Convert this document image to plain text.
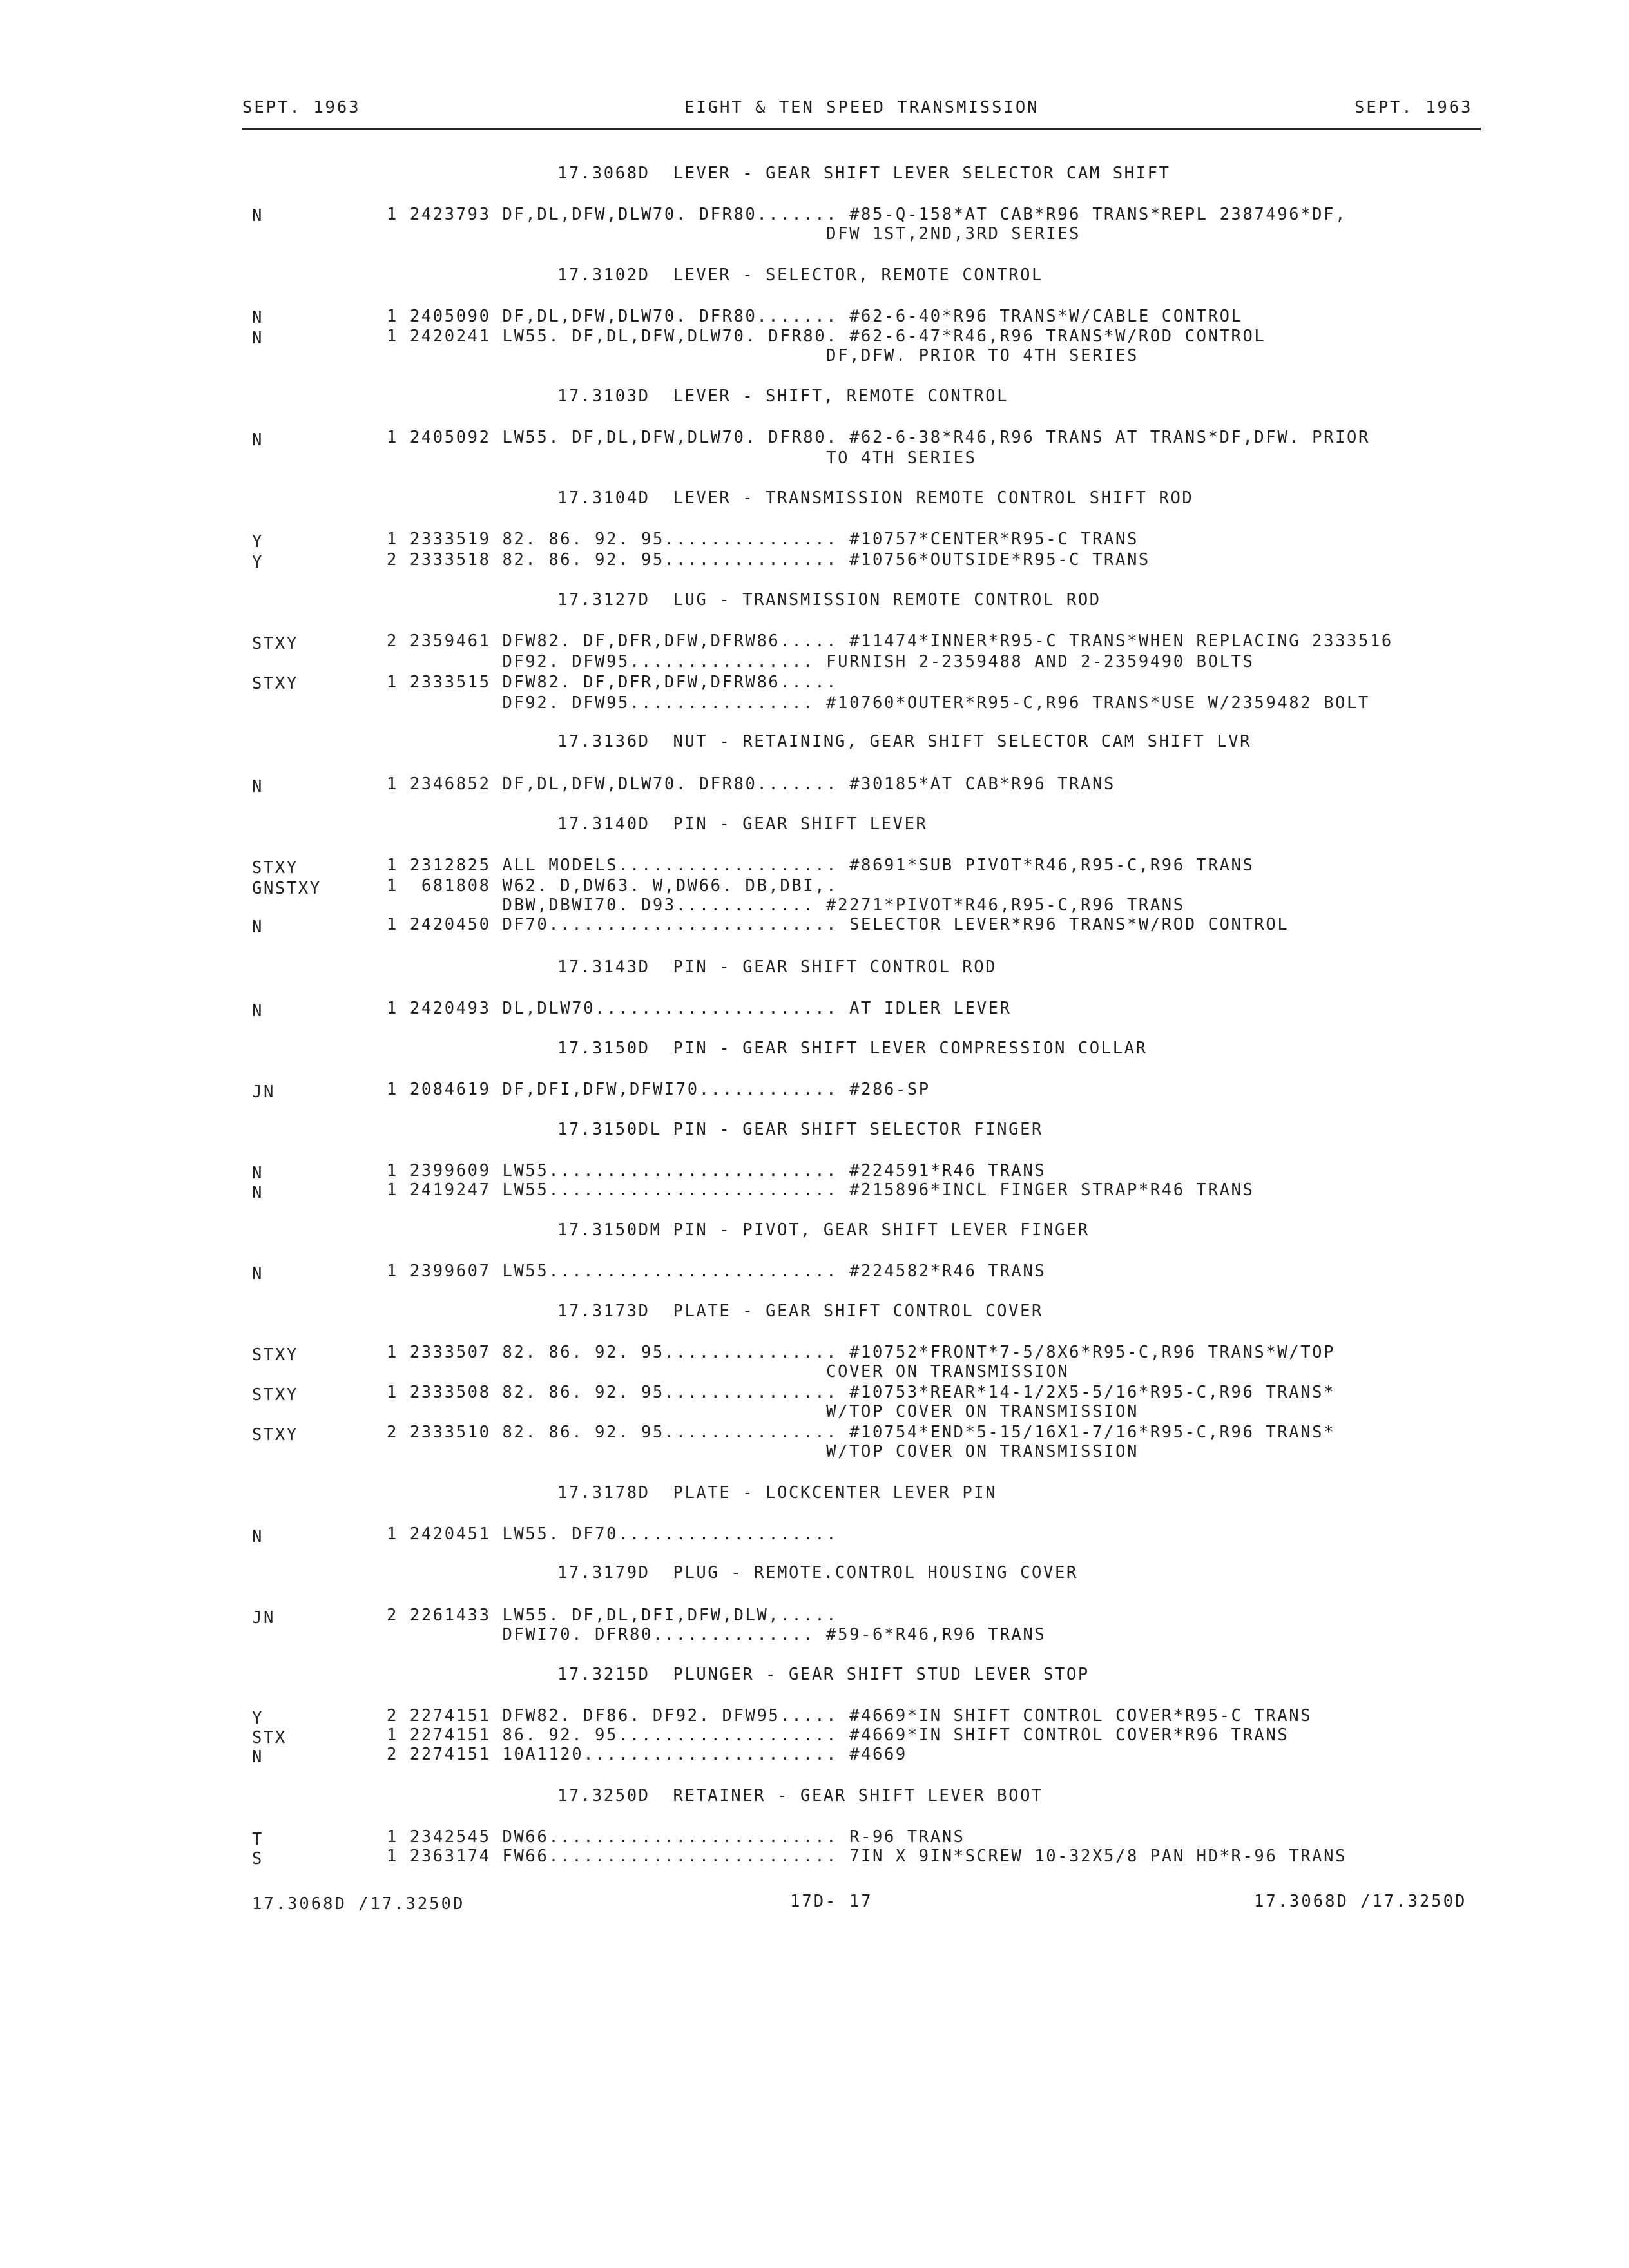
SEPT. 1963	EIGHT & TEN SPEED TRANSMISSION	SEPT. 1963
17.3068D  LEVER - GEAR SHIFT LEVER SELECTOR CAM SHIFT
N	1 2423793 DF,DL,DFW,DLW70. DFR80....... #85-Q-158*AT CAB*R96 TRANS*REPL 2387496*DF,
DFW 1ST,2ND,3RD SERIES
17.3102D  LEVER - SELECTOR, REMOTE CONTROL
N	1 2405090 DF,DL,DFW,DLW70. DFR80....... #62-6-40*R96 TRANS*W/CABLE CONTROL
N	1 2420241 LW55. DF,DL,DFW,DLW70. DFR80. #62-6-47*R46,R96 TRANS*W/ROD CONTROL
DF,DFW. PRIOR TO 4TH SERIES
17.3103D  LEVER - SHIFT, REMOTE CONTROL
N	1 2405092 LW55. DF,DL,DFW,DLW70. DFR80. #62-6-38*R46,R96 TRANS AT TRANS*DF,DFW. PRIOR
TO 4TH SERIES
17.3104D  LEVER - TRANSMISSION REMOTE CONTROL SHIFT ROD
Y	1 2333519 82. 86. 92. 95............... #10757*CENTER*R95-C TRANS
Y	2 2333518 82. 86. 92. 95............... #10756*OUTSIDE*R95-C TRANS
17.3127D  LUG - TRANSMISSION REMOTE CONTROL ROD
STXY	2 2359461 DFW82. DF,DFR,DFW,DFRW86..... #11474*INNER*R95-C TRANS*WHEN REPLACING 2333516
DF92. DFW95................ FURNISH 2-2359488 AND 2-2359490 BOLTS
STXY	1 2333515 DFW82. DF,DFR,DFW,DFRW86.....
DF92. DFW95................ #10760*OUTER*R95-C,R96 TRANS*USE W/2359482 BOLT
17.3136D  NUT - RETAINING, GEAR SHIFT SELECTOR CAM SHIFT LVR
N	1 2346852 DF,DL,DFW,DLW70. DFR80....... #30185*AT CAB*R96 TRANS
17.3140D  PIN - GEAR SHIFT LEVER
STXY	1 2312825 ALL MODELS................... #8691*SUB PIVOT*R46,R95-C,R96 TRANS
GNSTXY	1  681808 W62. D,DW63. W,DW66. DB,DBI,.
DBW,DBWI70. D93............ #2271*PIVOT*R46,R95-C,R96 TRANS
N	1 2420450 DF70......................... SELECTOR LEVER*R96 TRANS*W/ROD CONTROL
17.3143D  PIN - GEAR SHIFT CONTROL ROD
N	1 2420493 DL,DLW70..................... AT IDLER LEVER
17.3150D  PIN - GEAR SHIFT LEVER COMPRESSION COLLAR
JN	1 2084619 DF,DFI,DFW,DFWI70............ #286-SP
17.3150DL PIN - GEAR SHIFT SELECTOR FINGER
N	1 2399609 LW55......................... #224591*R46 TRANS
N	1 2419247 LW55......................... #215896*INCL FINGER STRAP*R46 TRANS
17.3150DM PIN - PIVOT, GEAR SHIFT LEVER FINGER
N	1 2399607 LW55......................... #224582*R46 TRANS
17.3173D  PLATE - GEAR SHIFT CONTROL COVER
STXY	1 2333507 82. 86. 92. 95............... #10752*FRONT*7-5/8X6*R95-C,R96 TRANS*W/TOP
COVER ON TRANSMISSION
STXY	1 2333508 82. 86. 92. 95............... #10753*REAR*14-1/2X5-5/16*R95-C,R96 TRANS*
W/TOP COVER ON TRANSMISSION
STXY	2 2333510 82. 86. 92. 95............... #10754*END*5-15/16X1-7/16*R95-C,R96 TRANS*
W/TOP COVER ON TRANSMISSION
17.3178D  PLATE - LOCKCENTER LEVER PIN
N	1 2420451 LW55. DF70...................
17.3179D  PLUG - REMOTE.CONTROL HOUSING COVER
JN	2 2261433 LW55. DF,DL,DFI,DFW,DLW,.....
DFWI70. DFR80.............. #59-6*R46,R96 TRANS
17.3215D  PLUNGER - GEAR SHIFT STUD LEVER STOP
Y	2 2274151 DFW82. DF86. DF92. DFW95..... #4669*IN SHIFT CONTROL COVER*R95-C TRANS
STX	1 2274151 86. 92. 95................... #4669*IN SHIFT CONTROL COVER*R96 TRANS
N	2 2274151 10A1120...................... #4669
17.3250D  RETAINER - GEAR SHIFT LEVER BOOT
T	1 2342545 DW66......................... R-96 TRANS
S	1 2363174 FW66......................... 7IN X 9IN*SCREW 10-32X5/8 PAN HD*R-96 TRANS
17.3068D /17.3250D	17D- 17	17.3068D /17.3250D
